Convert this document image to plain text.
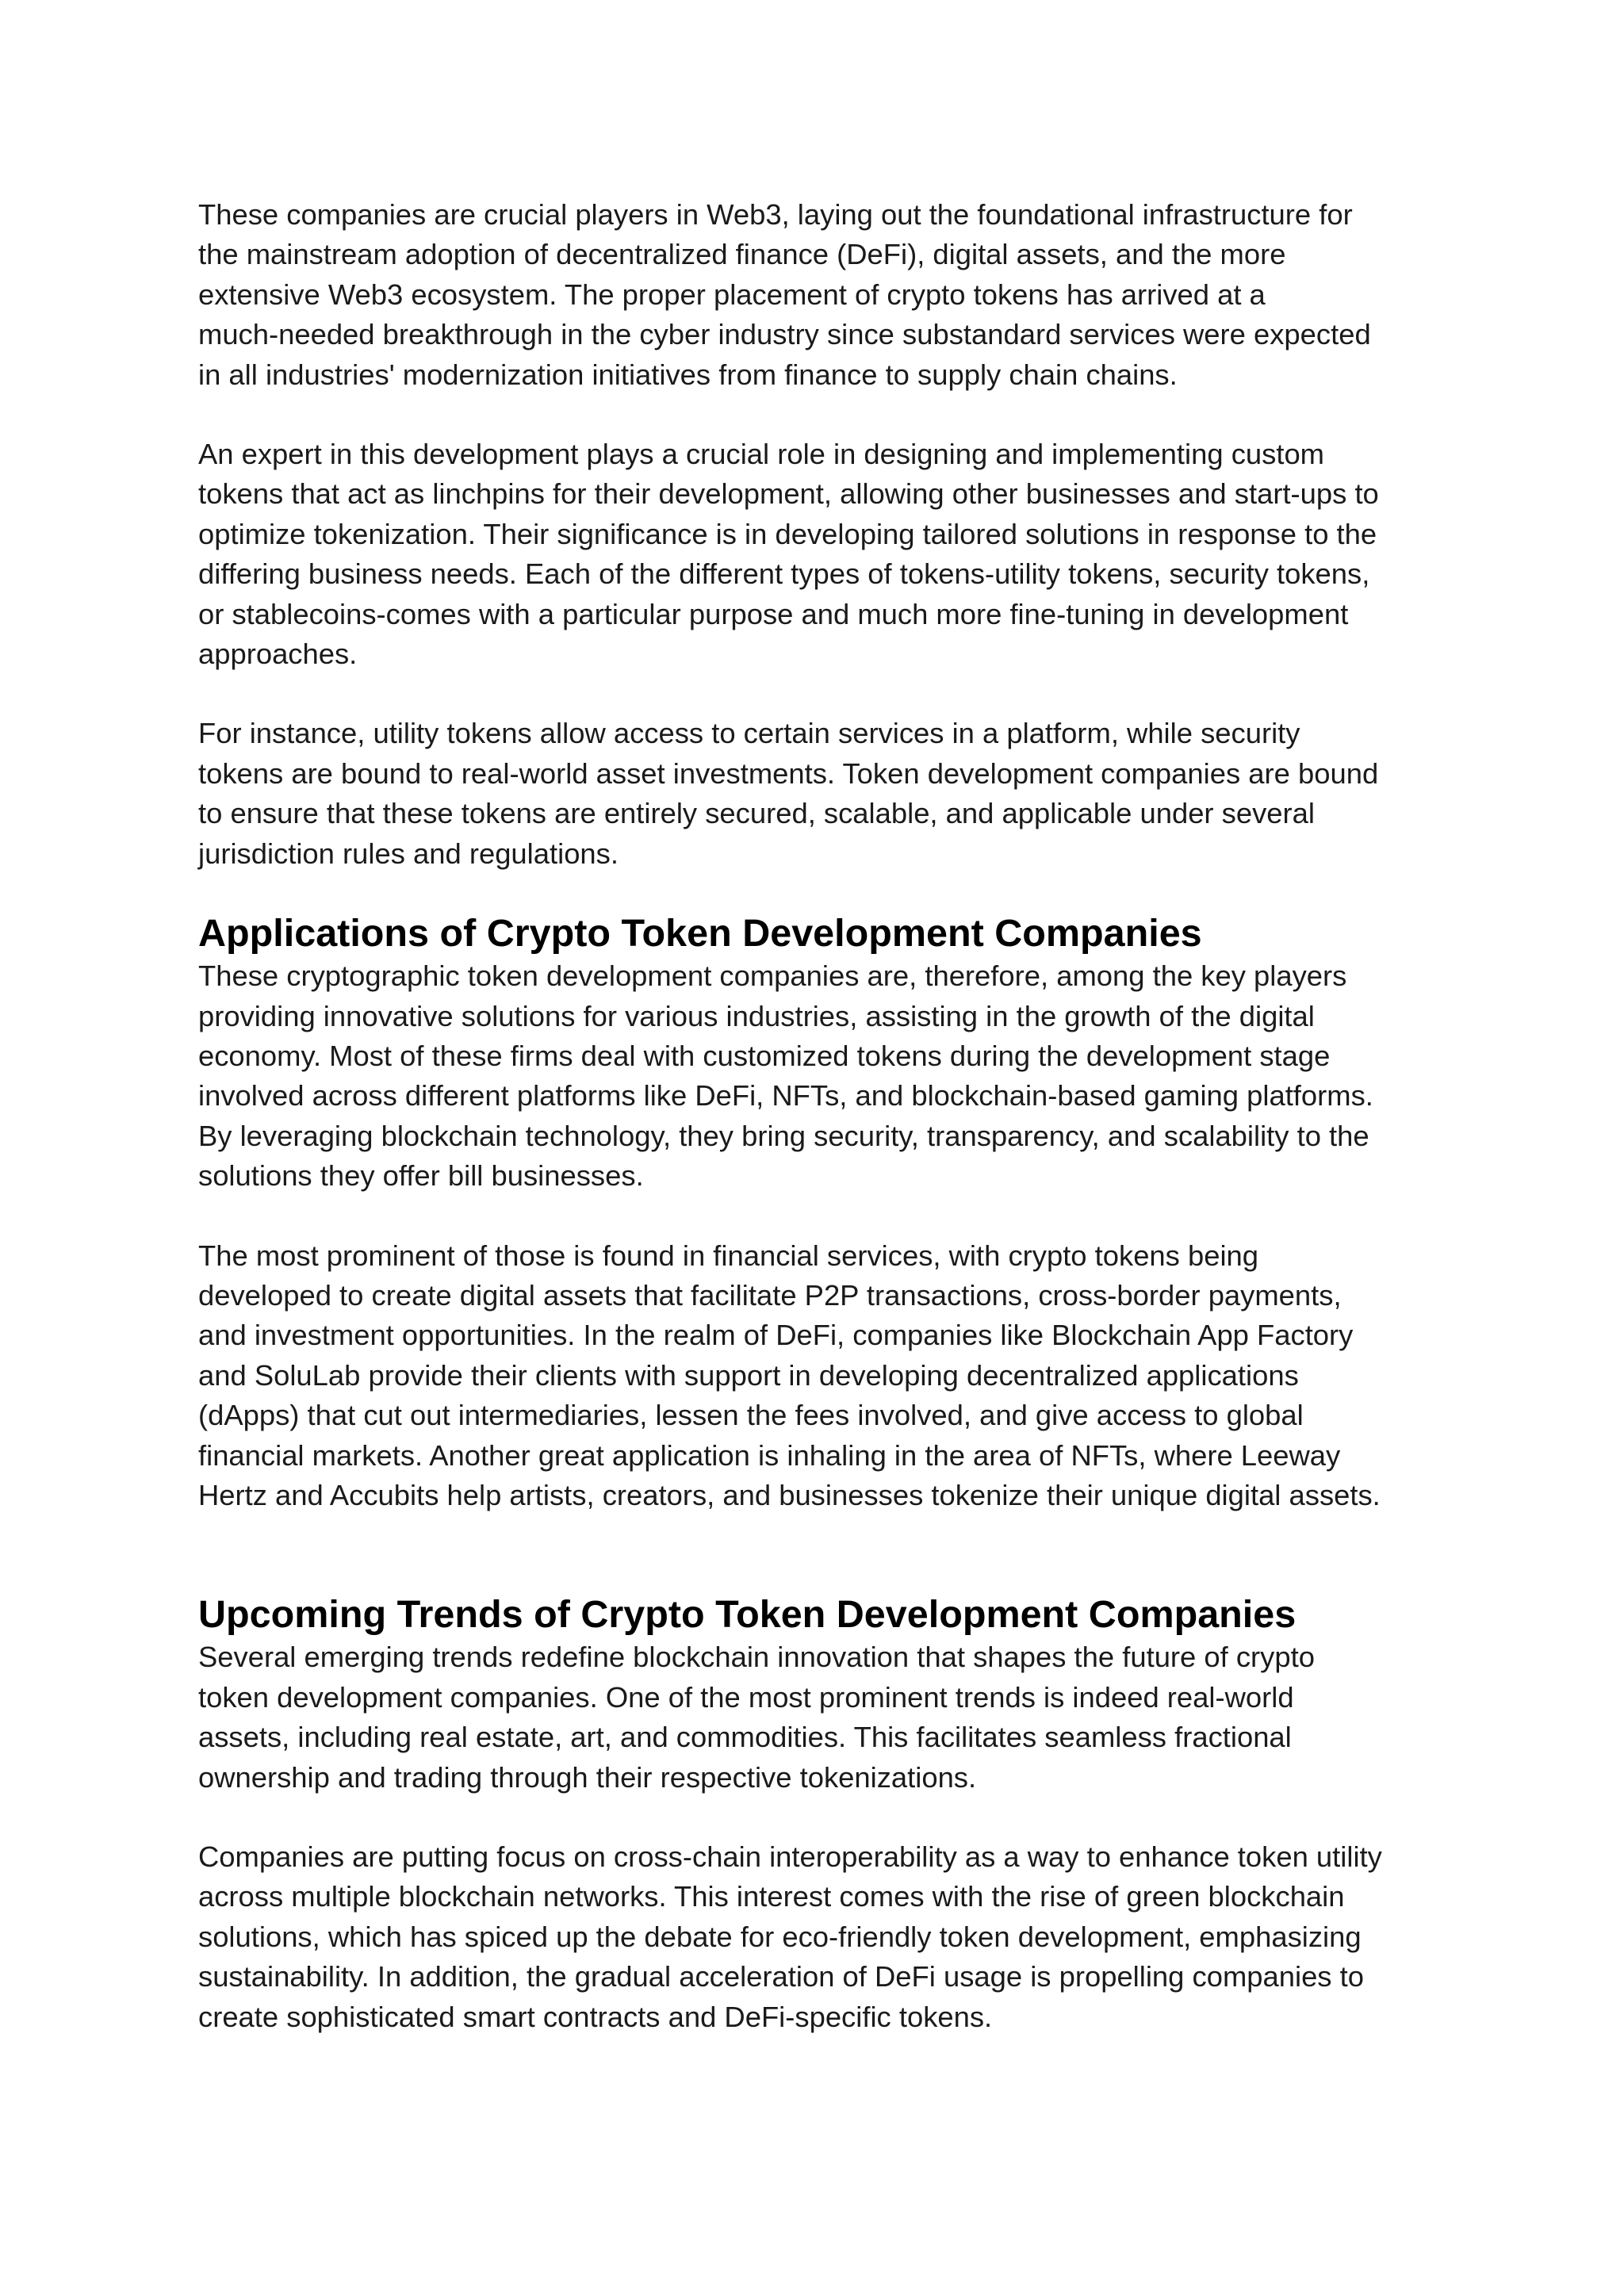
These companies are crucial players in Web3, laying out the foundational infrastructure for
the mainstream adoption of decentralized finance (DeFi), digital assets, and the more
extensive Web3 ecosystem. The proper placement of crypto tokens has arrived at a
much-needed breakthrough in the cyber industry since substandard services were expected
in all industries' modernization initiatives from finance to supply chain chains.

An expert in this development plays a crucial role in designing and implementing custom
tokens that act as linchpins for their development, allowing other businesses and start-ups to
optimize tokenization. Their significance is in developing tailored solutions in response to the
differing business needs. Each of the different types of tokens-utility tokens, security tokens,
or stablecoins-comes with a particular purpose and much more fine-tuning in development
approaches.

For instance, utility tokens allow access to certain services in a platform, while security
tokens are bound to real-world asset investments. Token development companies are bound
to ensure that these tokens are entirely secured, scalable, and applicable under several
jurisdiction rules and regulations.

Applications of Crypto Token Development Companies

These cryptographic token development companies are, therefore, among the key players
providing innovative solutions for various industries, assisting in the growth of the digital
economy. Most of these firms deal with customized tokens during the development stage
involved across different platforms like DeFi, NFTs, and blockchain-based gaming platforms.
By leveraging blockchain technology, they bring security, transparency, and scalability to the
solutions they offer bill businesses.

The most prominent of those is found in financial services, with crypto tokens being
developed to create digital assets that facilitate P2P transactions, cross-border payments,
and investment opportunities. In the realm of DeFi, companies like Blockchain App Factory
and SoluLab provide their clients with support in developing decentralized applications
(dApps) that cut out intermediaries, lessen the fees involved, and give access to global
financial markets. Another great application is inhaling in the area of NFTs, where Leeway
Hertz and Accubits help artists, creators, and businesses tokenize their unique digital assets.

Upcoming Trends of Crypto Token Development Companies

Several emerging trends redefine blockchain innovation that shapes the future of crypto
token development companies. One of the most prominent trends is indeed real-world
assets, including real estate, art, and commodities. This facilitates seamless fractional
ownership and trading through their respective tokenizations.

Companies are putting focus on cross-chain interoperability as a way to enhance token utility
across multiple blockchain networks. This interest comes with the rise of green blockchain
solutions, which has spiced up the debate for eco-friendly token development, emphasizing
sustainability. In addition, the gradual acceleration of DeFi usage is propelling companies to
create sophisticated smart contracts and DeFi-specific tokens.
